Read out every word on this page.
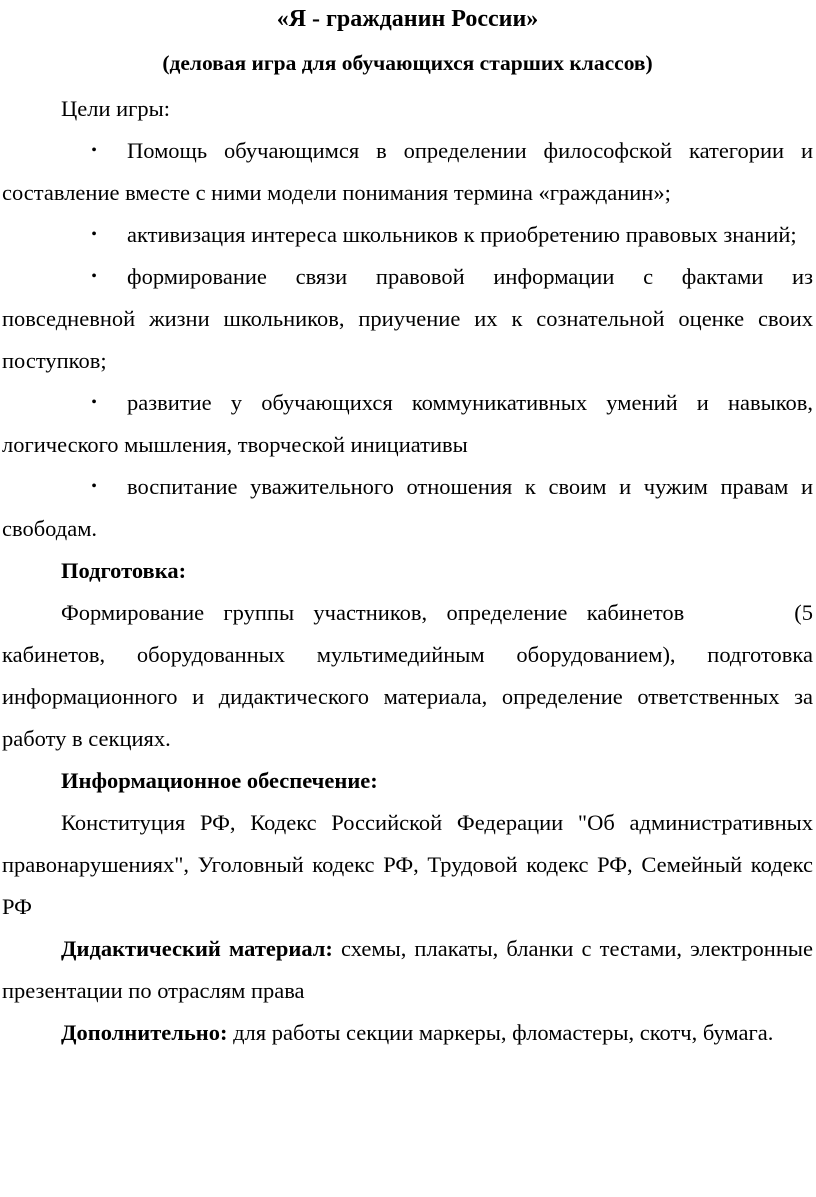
«Я - гражданин России»
(деловая игра для обучающихся старших классов)

Цели игры:

• Помощь обучающимся в определении философской категории и составление вместе с ними модели понимания термина «гражданин»;
• активизация интереса школьников к приобретению правовых знаний;
• формирование связи правовой информации с фактами из повседневной жизни школьников, приучение их к сознательной оценке своих поступков;
• развитие у обучающихся коммуникативных умений и навыков, логического мышления, творческой инициативы
• воспитание уважительного отношения к своим и чужим правам и свободам.

Подготовка:

Формирование группы участников, определение кабинетов	(5 кабинетов, оборудованных мультимедийным оборудованием), подготовка информационного и дидактического материала, определение ответственных за работу в секциях.

Информационное обеспечение:

Конституция РФ, Кодекс Российской Федерации "Об административных правонарушениях", Уголовный кодекс РФ, Трудовой кодекс РФ, Семейный кодекс РФ

Дидактический материал: схемы, плакаты, бланки с тестами, электронные презентации по отраслям права

Дополнительно: для работы секции маркеры, фломастеры, скотч, бумага.
